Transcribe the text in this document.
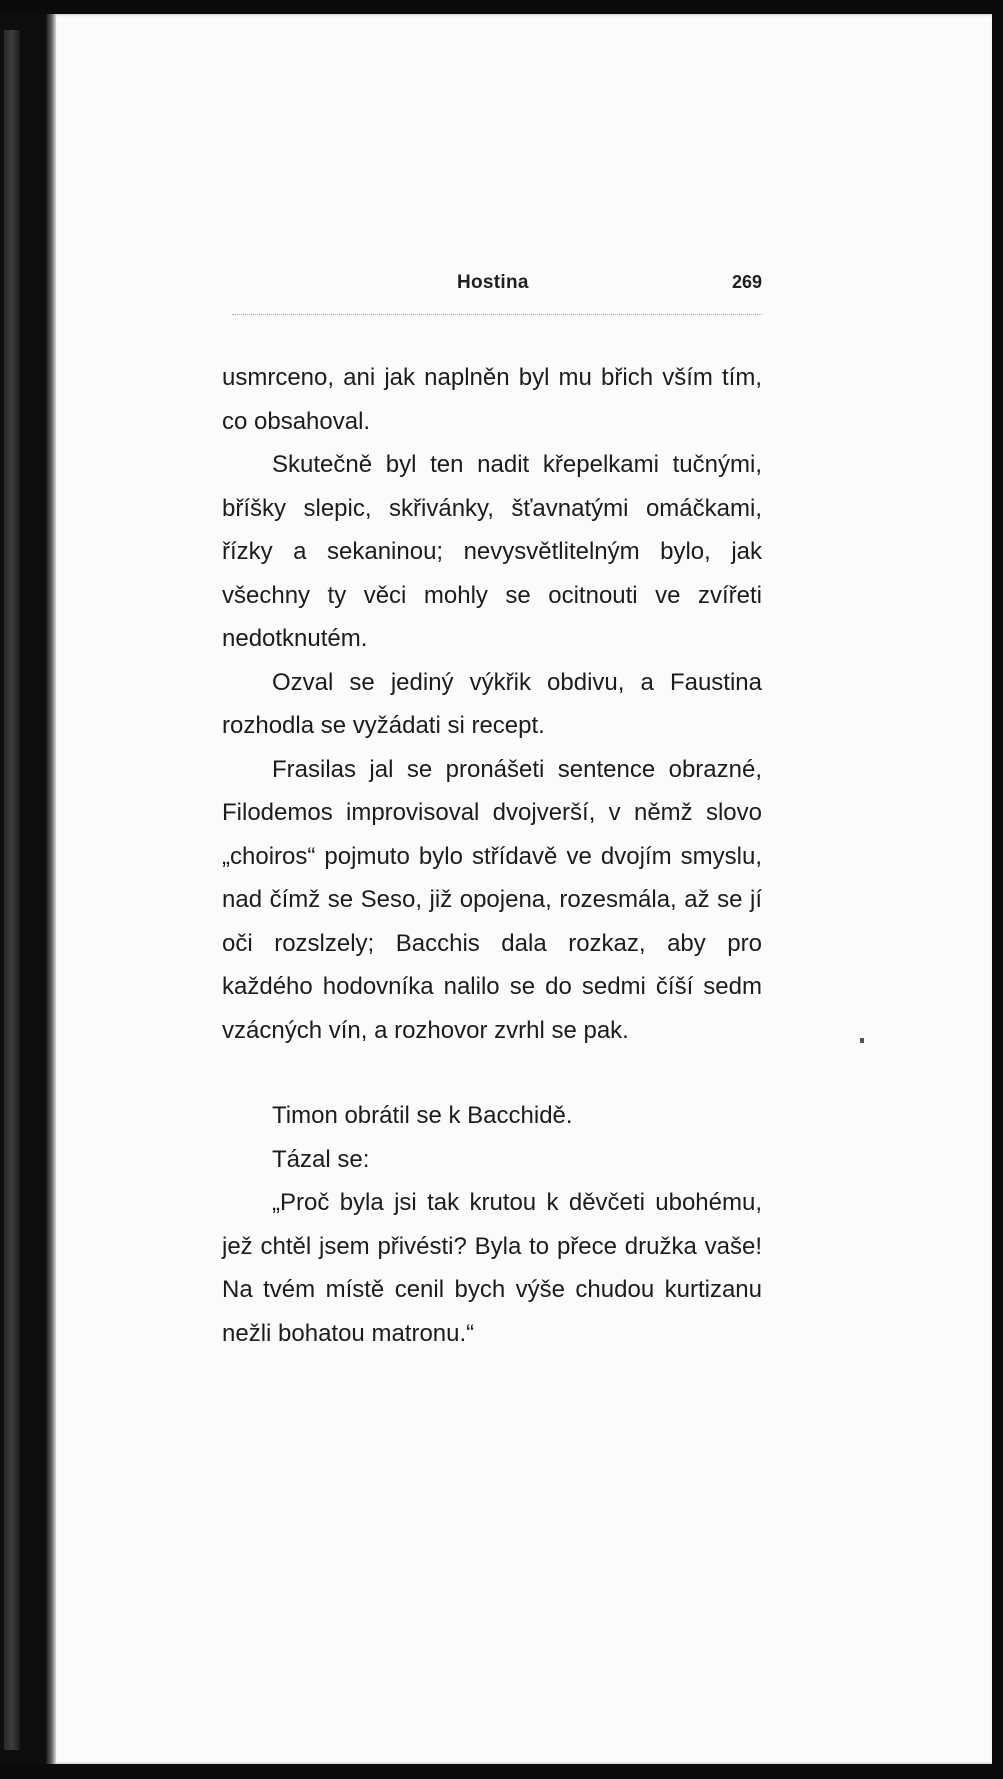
Hostina	269

usmrceno, ani jak naplněn byl mu břich vším tím, co obsahoval.

Skutečně byl ten nadit křepelkami tučnými, bříšky slepic, skřivánky, šťavnatými omáčkami, řízky a sekaninou; nevysvětlitelným bylo, jak všechny ty věci mohly se ocitnouti ve zvířeti nedotknutém.

Ozval se jediný výkřik obdivu, a Faustina rozhodla se vyžádati si recept.

Frasilas jal se pronášeti sentence obrazné, Filodemos improvisoval dvojverší, v němž slovo „choiros“ pojmuto bylo střídavě ve dvojím smyslu, nad čímž se Seso, již opojena, rozesmála, až se jí oči rozslzely; Bacchis dala rozkaz, aby pro každého hodovníka nalilo se do sedmi číší sedm vzácných vín, a rozhovor zvrhl se pak.

Timon obrátil se k Bacchidě.

Tázal se:

„Proč byla jsi tak krutou k děvčeti ubohému, jež chtěl jsem přivésti? Byla to přece družka vaše! Na tvém místě cenil bych výše chudou kurtizanu nežli bohatou matronu.“
